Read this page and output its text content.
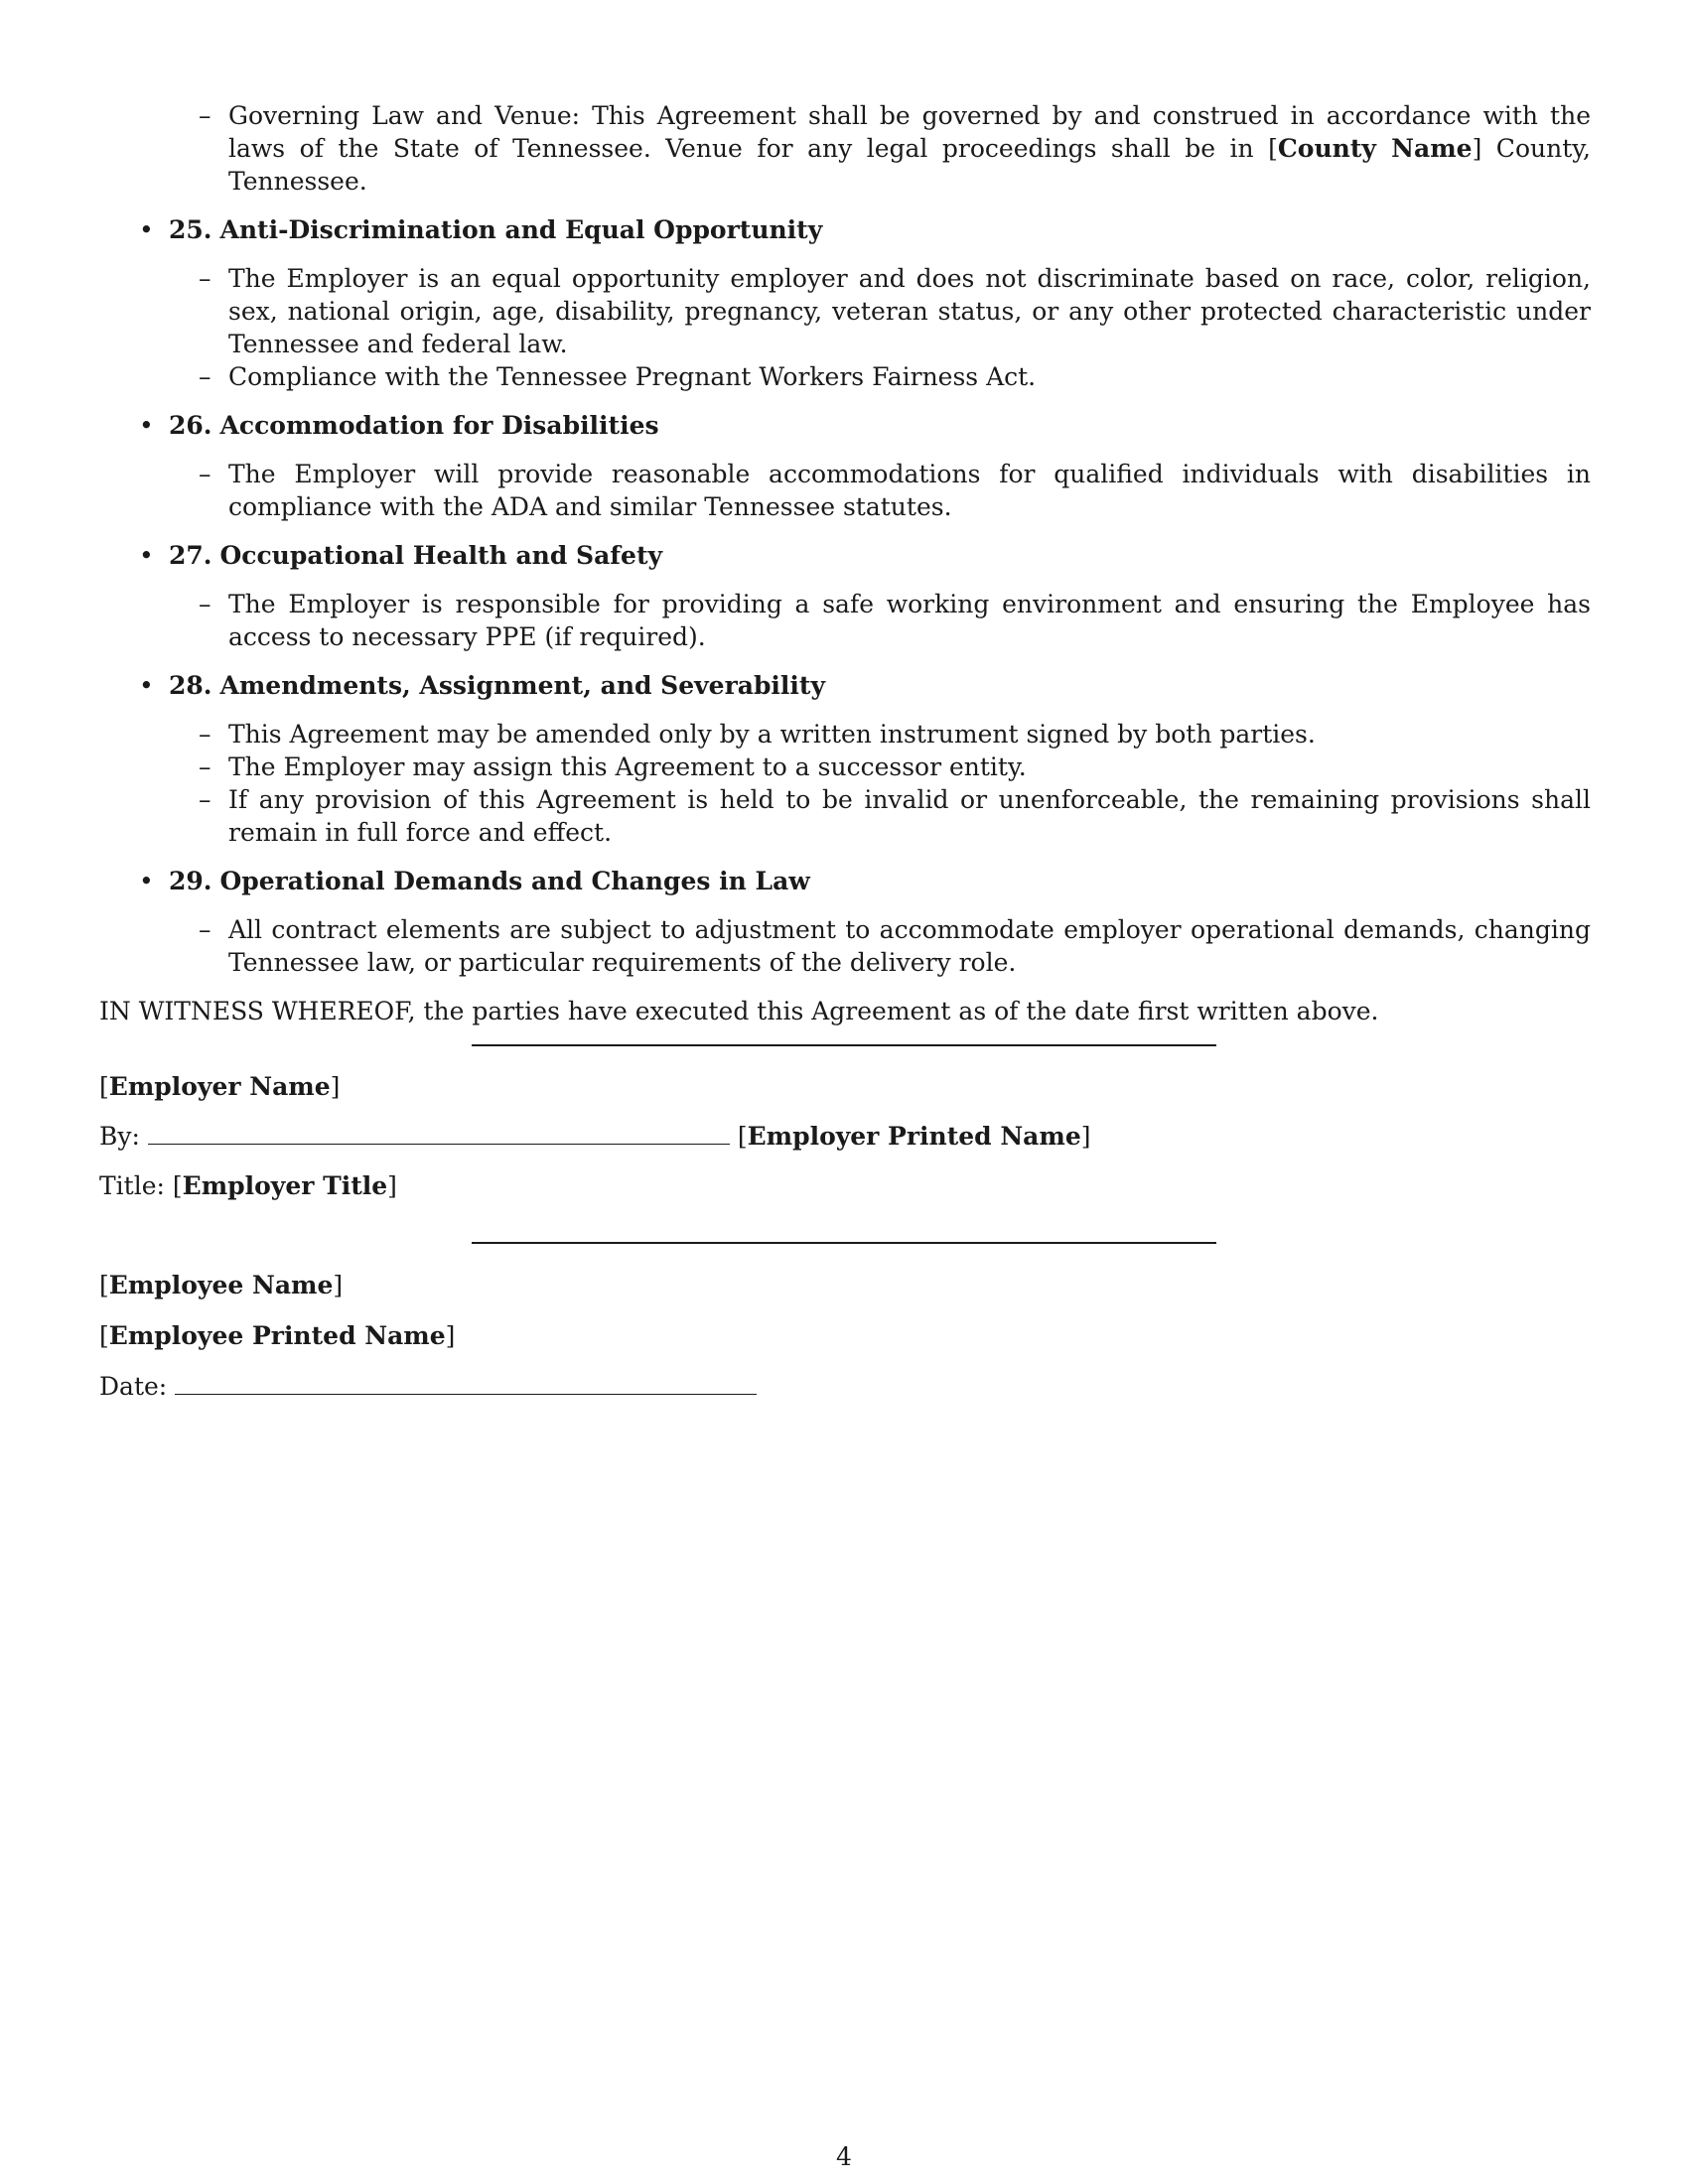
– Governing Law and Venue: This Agreement shall be governed by and construed in accordance with the laws of the State of Tennessee. Venue for any legal proceedings shall be in [County Name] County, Tennessee.
• 25. Anti-Discrimination and Equal Opportunity
– The Employer is an equal opportunity employer and does not discriminate based on race, color, religion, sex, national origin, age, disability, pregnancy, veteran status, or any other protected characteristic under Tennessee and federal law.
– Compliance with the Tennessee Pregnant Workers Fairness Act.
• 26. Accommodation for Disabilities
– The Employer will provide reasonable accommodations for qualified individuals with disabilities in compliance with the ADA and similar Tennessee statutes.
• 27. Occupational Health and Safety
– The Employer is responsible for providing a safe working environment and ensuring the Employee has access to necessary PPE (if required).
• 28. Amendments, Assignment, and Severability
– This Agreement may be amended only by a written instrument signed by both parties.
– The Employer may assign this Agreement to a successor entity.
– If any provision of this Agreement is held to be invalid or unenforceable, the remaining provisions shall remain in full force and effect.
• 29. Operational Demands and Changes in Law
– All contract elements are subject to adjustment to accommodate employer operational demands, changing Tennessee law, or particular requirements of the delivery role.
IN WITNESS WHEREOF, the parties have executed this Agreement as of the date first written above.
[Employer Name]
By:	[Employer Printed Name]
Title: [Employer Title]
[Employee Name]
[Employee Printed Name]
Date:
4
